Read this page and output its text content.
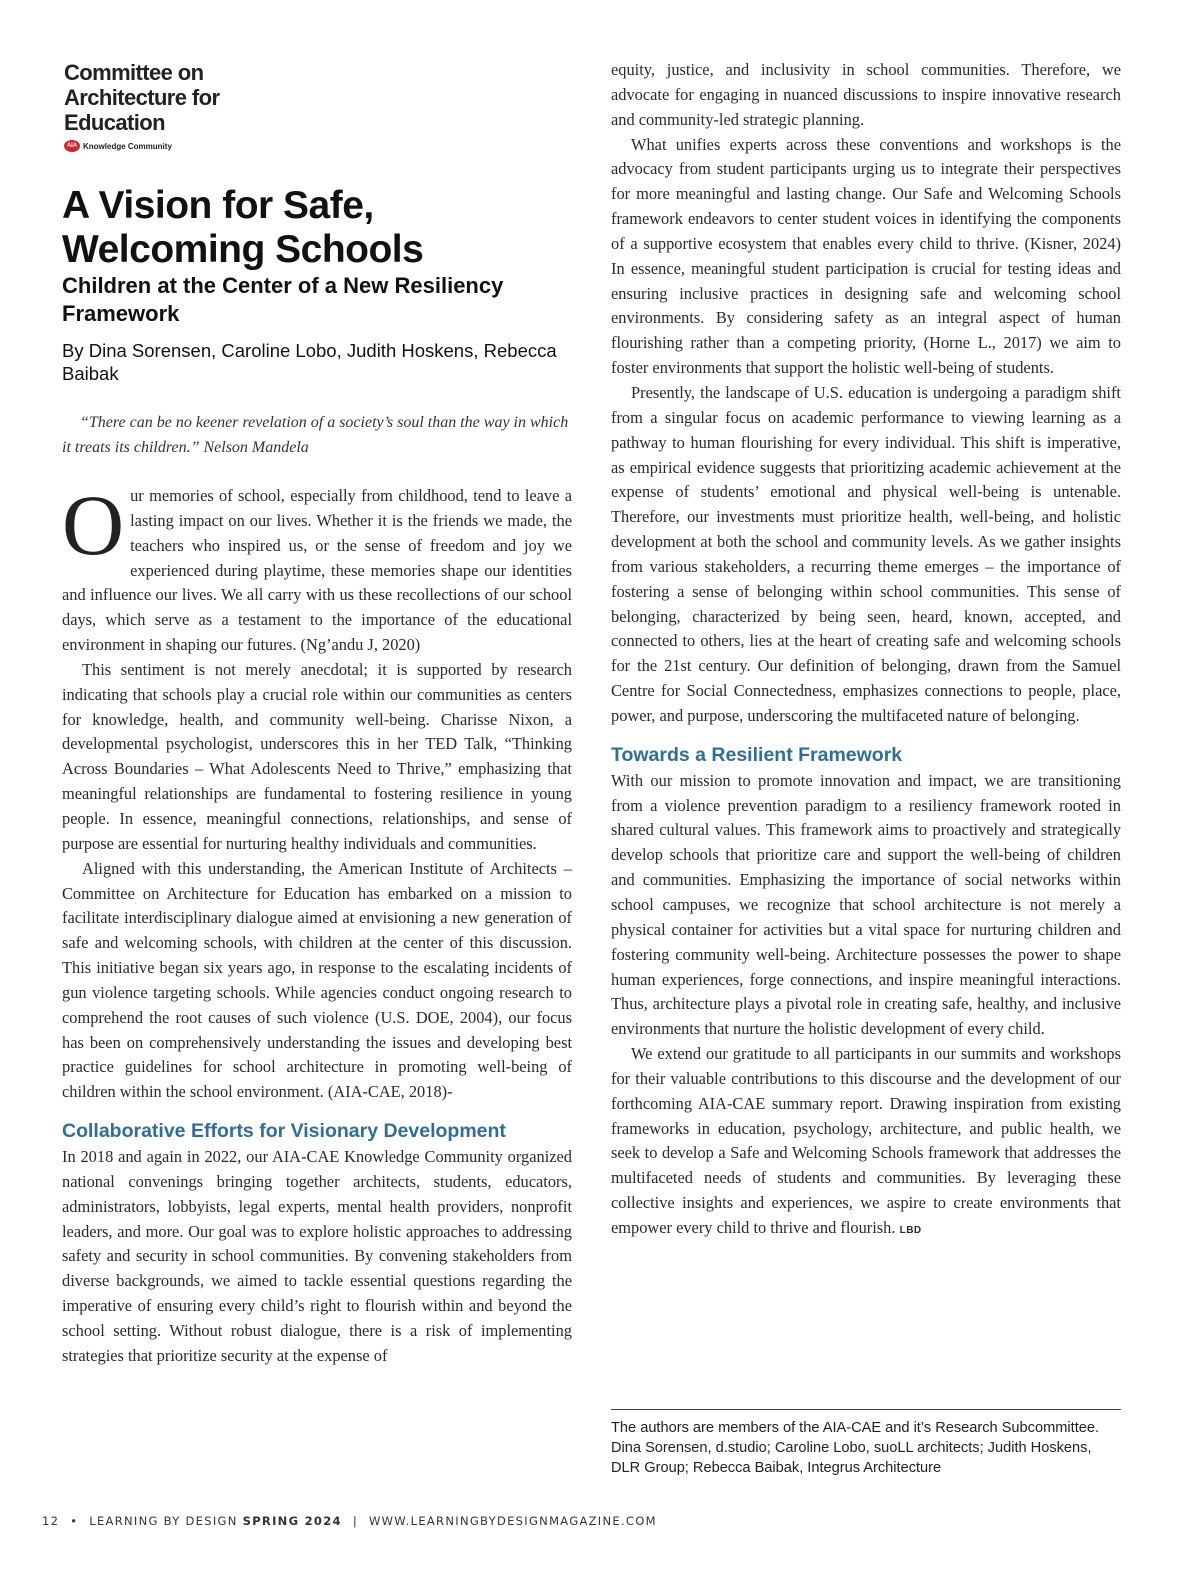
Committee on
Architecture for
Education
AIA Knowledge Community
A Vision for Safe, Welcoming Schools
Children at the Center of a New Resiliency Framework

By Dina Sorensen, Caroline Lobo, Judith Hoskens, Rebecca Baibak

“There can be no keener revelation of a society’s soul than the way in which it treats its children.” Nelson Mandela

Our memories of school, especially from childhood, tend to leave a lasting impact on our lives. Whether it is the friends we made, the teachers who inspired us, or the sense of freedom and joy we experienced during playtime, these memories shape our identities and influence our lives. We all carry with us these recollections of our school days, which serve as a testament to the importance of the educational environment in shaping our futures. (Ng’andu J, 2020)

This sentiment is not merely anecdotal; it is supported by research indicating that schools play a crucial role within our communities as centers for knowledge, health, and community well-being. Charisse Nixon, a developmental psychologist, underscores this in her TED Talk, “Thinking Across Boundaries – What Adolescents Need to Thrive,” emphasizing that meaningful relationships are fundamental to fostering resilience in young people. In essence, meaningful connections, relationships, and sense of purpose are essential for nurturing healthy individuals and communities.

Aligned with this understanding, the American Institute of Architects – Committee on Architecture for Education has embarked on a mission to facilitate interdisciplinary dialogue aimed at envisioning a new generation of safe and welcoming schools, with children at the center of this discussion. This initiative began six years ago, in response to the escalating incidents of gun violence targeting schools. While agencies conduct ongoing research to comprehend the root causes of such violence (U.S. DOE, 2004), our focus has been on comprehensively understanding the issues and developing best practice guidelines for school architecture in promoting well-being of children within the school environment. (AIA-CAE, 2018)-

Collaborative Efforts for Visionary Development

In 2018 and again in 2022, our AIA-CAE Knowledge Community organized national convenings bringing together architects, students, educators, administrators, lobbyists, legal experts, mental health providers, nonprofit leaders, and more. Our goal was to explore holistic approaches to addressing safety and security in school communities. By convening stakeholders from diverse backgrounds, we aimed to tackle essential questions regarding the imperative of ensuring every child’s right to flourish within and beyond the school setting. Without robust dialogue, there is a risk of implementing strategies that prioritize security at the expense of

equity, justice, and inclusivity in school communities. Therefore, we advocate for engaging in nuanced discussions to inspire innovative research and community-led strategic planning.

What unifies experts across these conventions and workshops is the advocacy from student participants urging us to integrate their perspectives for more meaningful and lasting change. Our Safe and Welcoming Schools framework endeavors to center student voices in identifying the components of a supportive ecosystem that enables every child to thrive. (Kisner, 2024) In essence, meaningful student participation is crucial for testing ideas and ensuring inclusive practices in designing safe and welcoming school environments. By considering safety as an integral aspect of human flourishing rather than a competing priority, (Horne L., 2017) we aim to foster environments that support the holistic well-being of students.

Presently, the landscape of U.S. education is undergoing a paradigm shift from a singular focus on academic performance to viewing learning as a pathway to human flourishing for every individual. This shift is imperative, as empirical evidence suggests that prioritizing academic achievement at the expense of students’ emotional and physical well-being is untenable. Therefore, our investments must prioritize health, well-being, and holistic development at both the school and community levels. As we gather insights from various stakeholders, a recurring theme emerges – the importance of fostering a sense of belonging within school communities. This sense of belonging, characterized by being seen, heard, known, accepted, and connected to others, lies at the heart of creating safe and welcoming schools for the 21st century. Our definition of belonging, drawn from the Samuel Centre for Social Connectedness, emphasizes connections to people, place, power, and purpose, underscoring the multifaceted nature of belonging.

Towards a Resilient Framework

With our mission to promote innovation and impact, we are transitioning from a violence prevention paradigm to a resiliency framework rooted in shared cultural values. This framework aims to proactively and strategically develop schools that prioritize care and support the well-being of children and communities. Emphasizing the importance of social networks within school campuses, we recognize that school architecture is not merely a physical container for activities but a vital space for nurturing children and fostering community well-being. Architecture possesses the power to shape human experiences, forge connections, and inspire meaningful interactions. Thus, architecture plays a pivotal role in creating safe, healthy, and inclusive environments that nurture the holistic development of every child.

We extend our gratitude to all participants in our summits and workshops for their valuable contributions to this discourse and the development of our forthcoming AIA-CAE summary report. Drawing inspiration from existing frameworks in education, psychology, architecture, and public health, we seek to develop a Safe and Welcoming Schools framework that addresses the multifaceted needs of students and communities. By leveraging these collective insights and experiences, we aspire to create environments that empower every child to thrive and flourish. LBD

The authors are members of the AIA-CAE and it’s Research Subcommittee. Dina Sorensen, d.studio; Caroline Lobo, suoLL architects; Judith Hoskens, DLR Group; Rebecca Baibak, Integrus Architecture

12 • LEARNING BY DESIGN SPRING 2024 | WWW.LEARNINGBYDESIGNMAGAZINE.COM
